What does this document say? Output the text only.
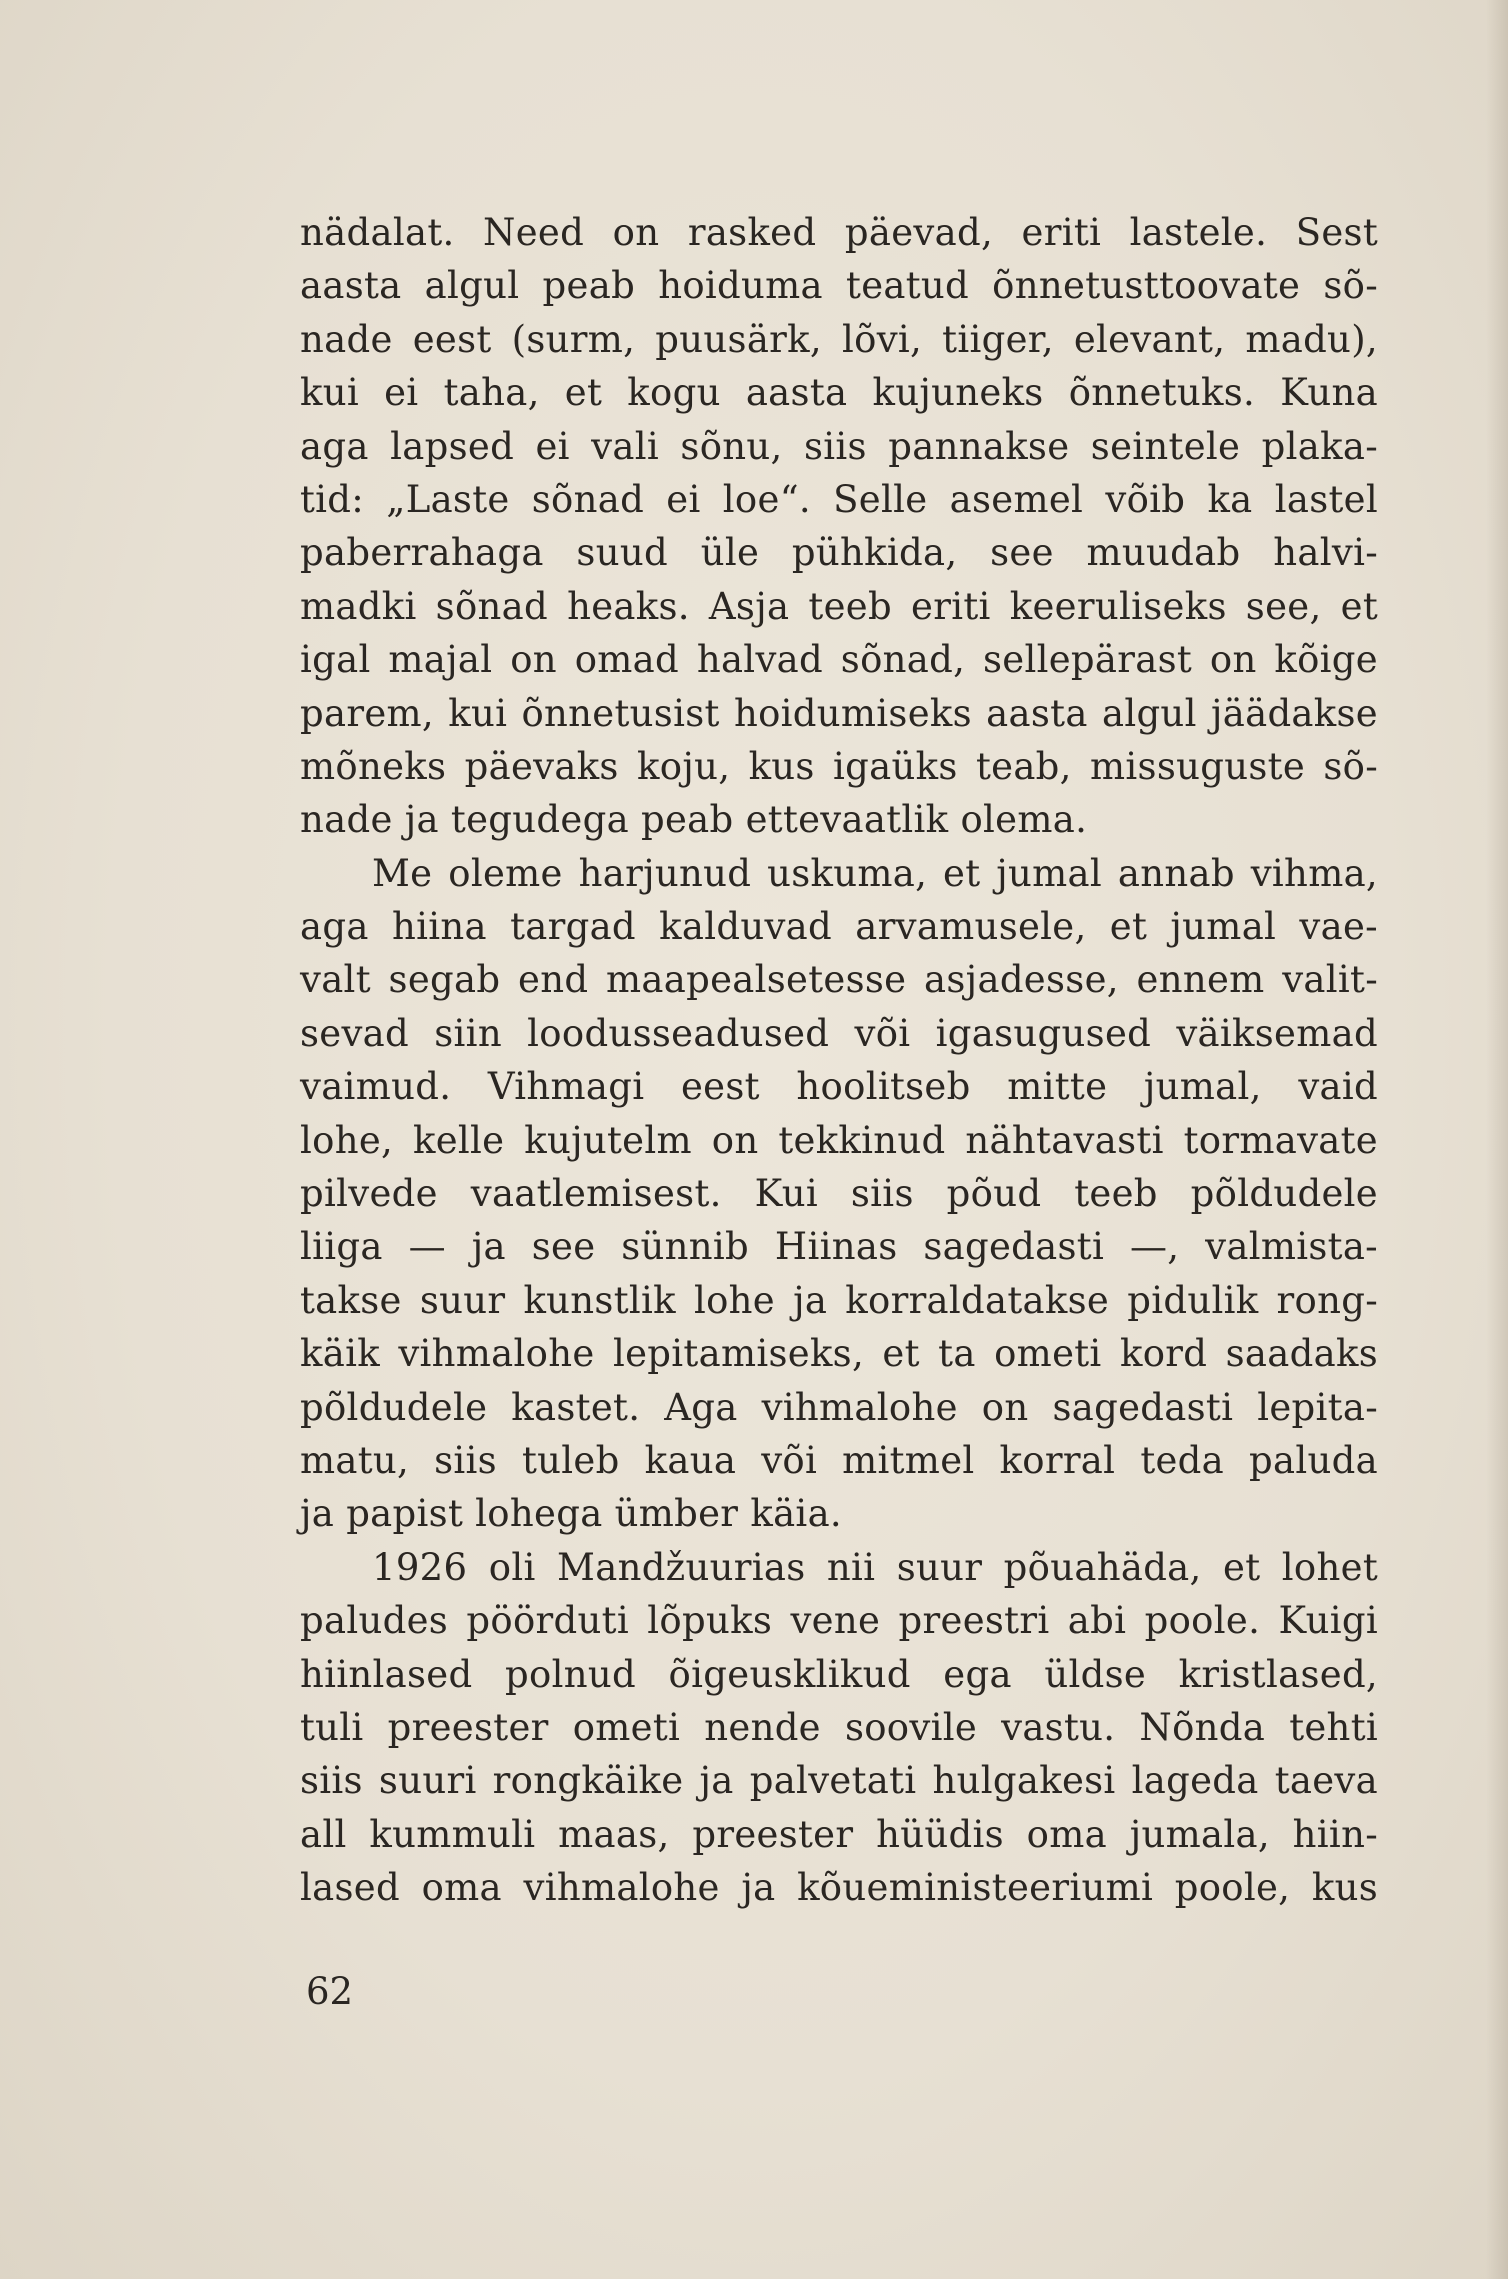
nädalat. Need on rasked päevad, eriti lastele. Sest
aasta algul peab hoiduma teatud õnnetusttoovate sõ-
nade eest (surm, puusärk, lõvi, tiiger, elevant, madu),
kui ei taha, et kogu aasta kujuneks õnnetuks. Kuna
aga lapsed ei vali sõnu, siis pannakse seintele plaka-
tid: „Laste sõnad ei loe“. Selle asemel võib ka lastel
paberrahaga suud üle pühkida, see muudab halvi-
madki sõnad heaks. Asja teeb eriti keeruliseks see, et
igal majal on omad halvad sõnad, sellepärast on kõige
parem, kui õnnetusist hoidumiseks aasta algul jäädakse
mõneks päevaks koju, kus igaüks teab, missuguste sõ-
nade ja tegudega peab ettevaatlik olema.
Me oleme harjunud uskuma, et jumal annab vihma,
aga hiina targad kalduvad arvamusele, et jumal vae-
valt segab end maapealsetesse asjadesse, ennem valit-
sevad siin loodusseadused või igasugused väiksemad
vaimud. Vihmagi eest hoolitseb mitte jumal, vaid
lohe, kelle kujutelm on tekkinud nähtavasti tormavate
pilvede vaatlemisest. Kui siis põud teeb põldudele
liiga — ja see sünnib Hiinas sagedasti —, valmista-
takse suur kunstlik lohe ja korraldatakse pidulik rong-
käik vihmalohe lepitamiseks, et ta ometi kord saadaks
põldudele kastet. Aga vihmalohe on sagedasti lepita-
matu, siis tuleb kaua või mitmel korral teda paluda
ja papist lohega ümber käia.
1926 oli Mandžuurias nii suur põuahäda, et lohet
paludes pöörduti lõpuks vene preestri abi poole. Kuigi
hiinlased polnud õigeusklikud ega üldse kristlased,
tuli preester ometi nende soovile vastu. Nõnda tehti
siis suuri rongkäike ja palvetati hulgakesi lageda taeva
all kummuli maas, preester hüüdis oma jumala, hiin-
lased oma vihmalohe ja kõueministeeriumi poole, kus
62
